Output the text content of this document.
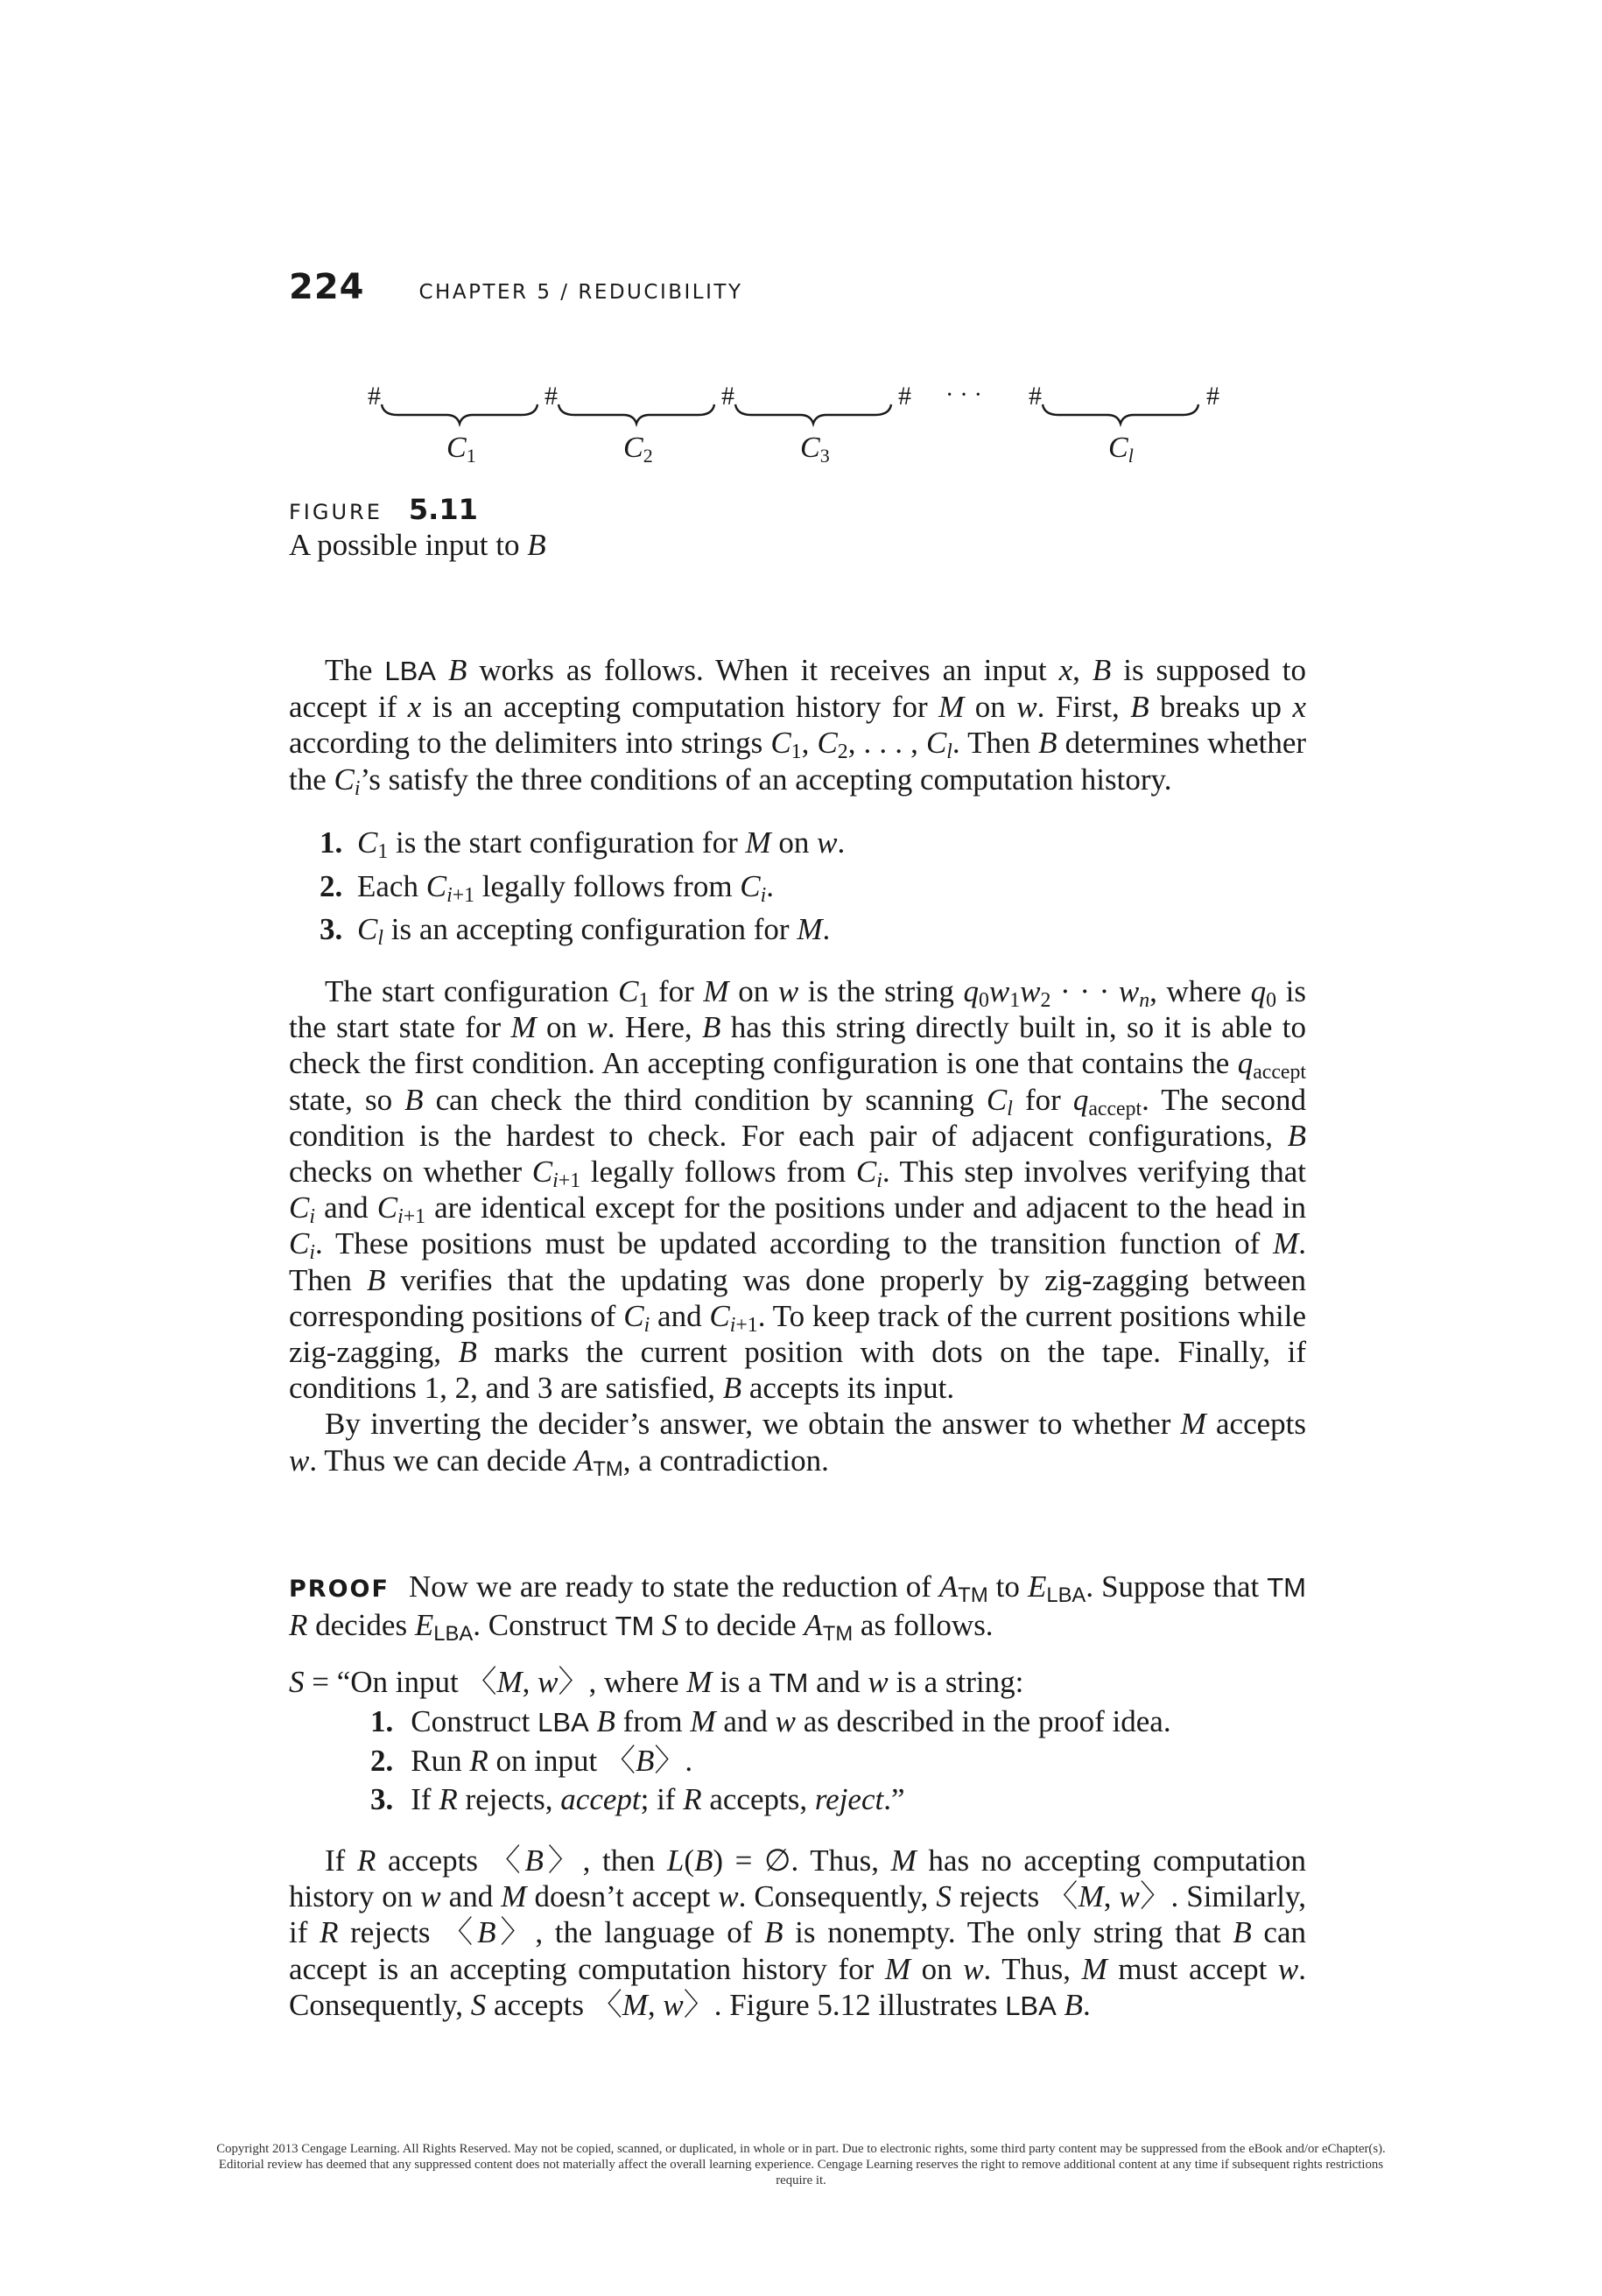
224	CHAPTER 5 / REDUCIBILITY
#	#	#	#	#	#
· · ·
C1	C2	C3	Cl
FIGURE 5.11
A possible input to B

The LBA B works as follows. When it receives an input x, B is supposed to accept if x is an accepting computation history for M on w. First, B breaks up x according to the delimiters into strings $C_1$, $C_2$, . . . , $C_l$. Then B determines whether the $C_i’s$ satisfy the three conditions of an accepting computation history.

1. $C_1$ is the start configuration for M on w.
2. Each $C_{i+1}$ legally follows from $C_i$.
3. $C_l$ is an accepting configuration for M.

The start configuration $C_1$ for M on w is the string $q_0w_1w_2$ · · · $w_n$, where $q_0$ is the start state for M on w. Here, B has this string directly built in, so it is able to check the first condition. An accepting configuration is one that contains the $q_{accept}$ state, so B can check the third condition by scanning $C_l$ for $q_{accept}$. The second condition is the hardest to check. For each pair of adjacent configurations, B checks on whether $C_{i+1}$ legally follows from $C_i$. This step involves verifying that $C_i$ and $C_{i+1}$ are identical except for the positions under and adjacent to the head in $C_i$. These positions must be updated according to the transition function of M. Then B verifies that the updating was done properly by zig-zagging between corresponding positions of $C_i$ and $C_{i+1}$. To keep track of the current positions while zig-zagging, B marks the current position with dots on the tape. Finally, if conditions 1, 2, and 3 are satisfied, B accepts its input.

By inverting the decider’s answer, we obtain the answer to whether M accepts w. Thus we can decide $A_{TM}$, a contradiction.

PROOF Now we are ready to state the reduction of $A_{TM}$ to $E_{LBA}$. Suppose that TM R decides $E_{LBA}$. Construct TM S to decide $A_{TM}$ as follows.

S = “On input 〈M, w〉, where M is a TM and w is a string:
1. Construct LBA B from M and w as described in the proof idea.
2. Run R on input 〈B〉.
3. If R rejects, accept; if R accepts, reject.”

If R accepts 〈B〉, then L(B) = ∅. Thus, M has no accepting computation history on w and M doesn’t accept w. Consequently, S rejects 〈M, w〉. Similarly, if R rejects 〈B〉, the language of B is nonempty. The only string that B can accept is an accepting computation history for M on w. Thus, M must accept w. Consequently, S accepts 〈M, w〉. Figure 5.12 illustrates LBA B.

Copyright 2013 Cengage Learning. All Rights Reserved. May not be copied, scanned, or duplicated, in whole or in part. Due to electronic rights, some third party content may be suppressed from the eBook and/or eChapter(s). Editorial review has deemed that any suppressed content does not materially affect the overall learning experience. Cengage Learning reserves the right to remove additional content at any time if subsequent rights restrictions require it.
